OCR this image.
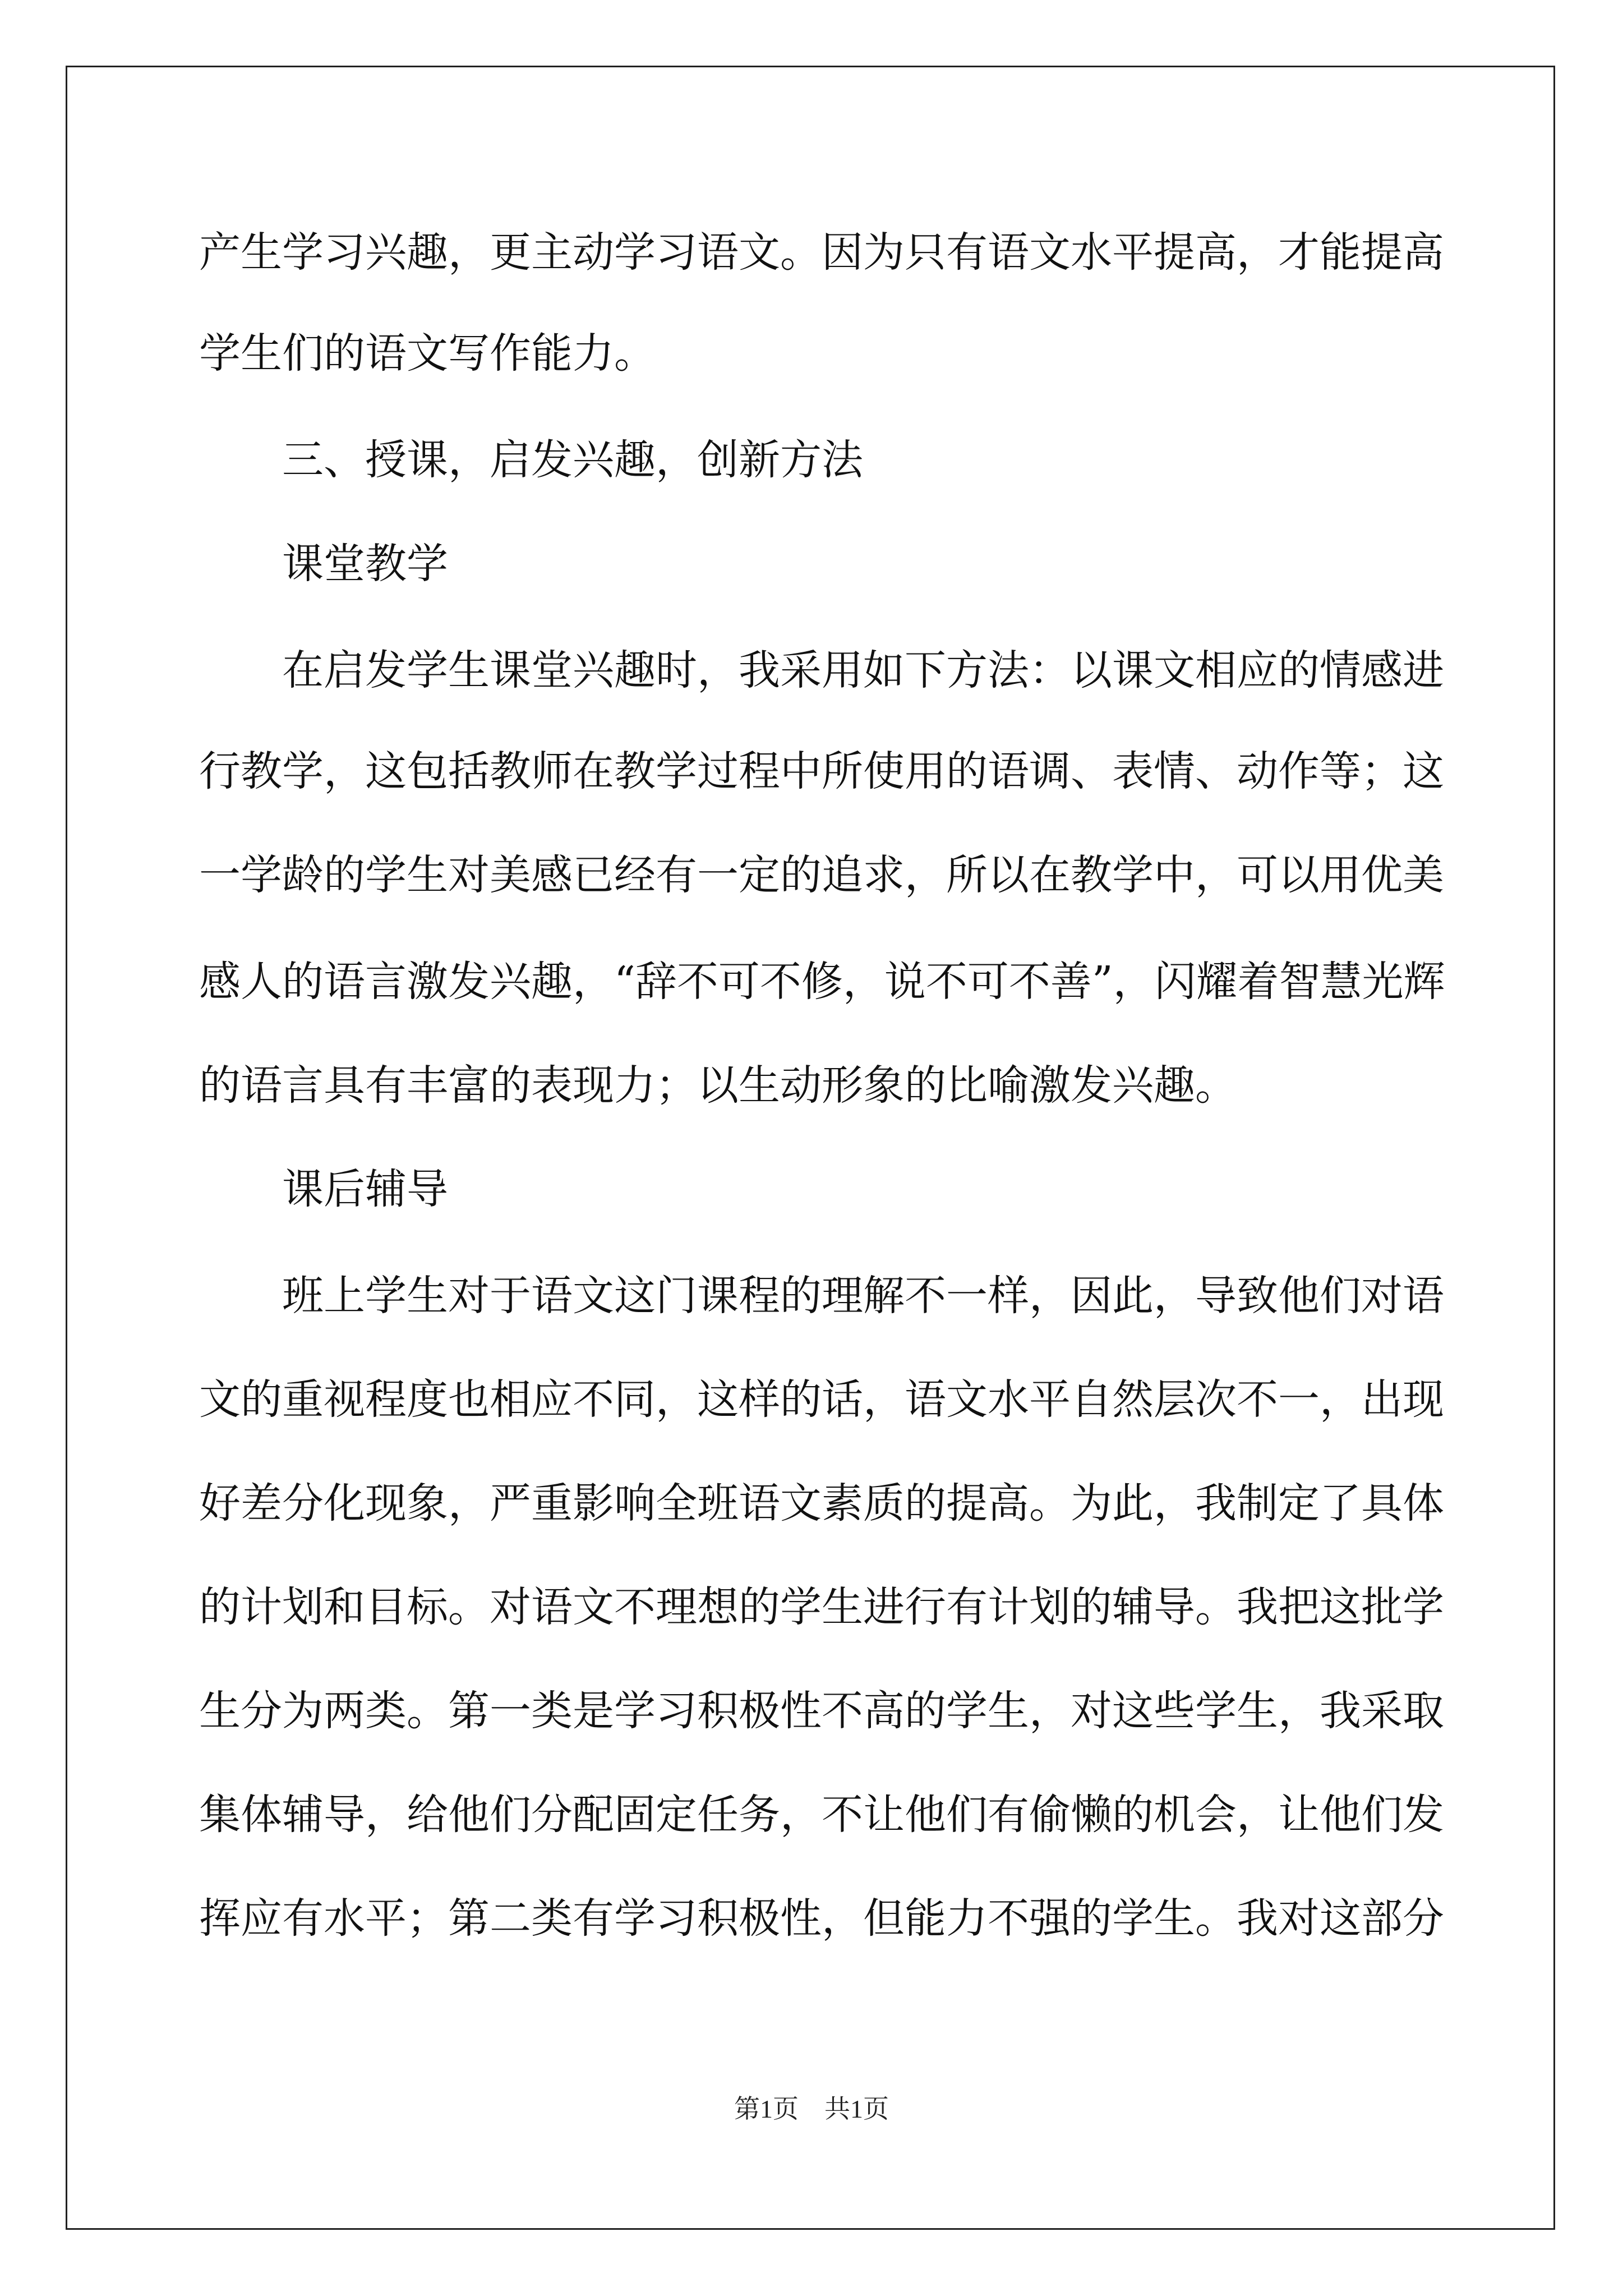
产生学习兴趣，更主动学习语文。因为只有语文水平提高，才能提高
学生们的语文写作能力。
三、授课，启发兴趣，创新方法
课堂教学
在启发学生课堂兴趣时，我采用如下方法：以课文相应的情感进
行教学，这包括教师在教学过程中所使用的语调、表情、动作等；这
一学龄的学生对美感已经有一定的追求，所以在教学中，可以用优美
感人的语言激发兴趣，“辞不可不修，说不可不善”，闪耀着智慧光辉
的语言具有丰富的表现力；以生动形象的比喻激发兴趣。
课后辅导
班上学生对于语文这门课程的理解不一样，因此，导致他们对语
文的重视程度也相应不同，这样的话，语文水平自然层次不一，出现
好差分化现象，严重影响全班语文素质的提高。为此，我制定了具体
的计划和目标。对语文不理想的学生进行有计划的辅导。我把这批学
生分为两类。第一类是学习积极性不高的学生，对这些学生，我采取
集体辅导，给他们分配固定任务，不让他们有偷懒的机会，让他们发
挥应有水平；第二类有学习积极性，但能力不强的学生。我对这部分
第1页　共1页
